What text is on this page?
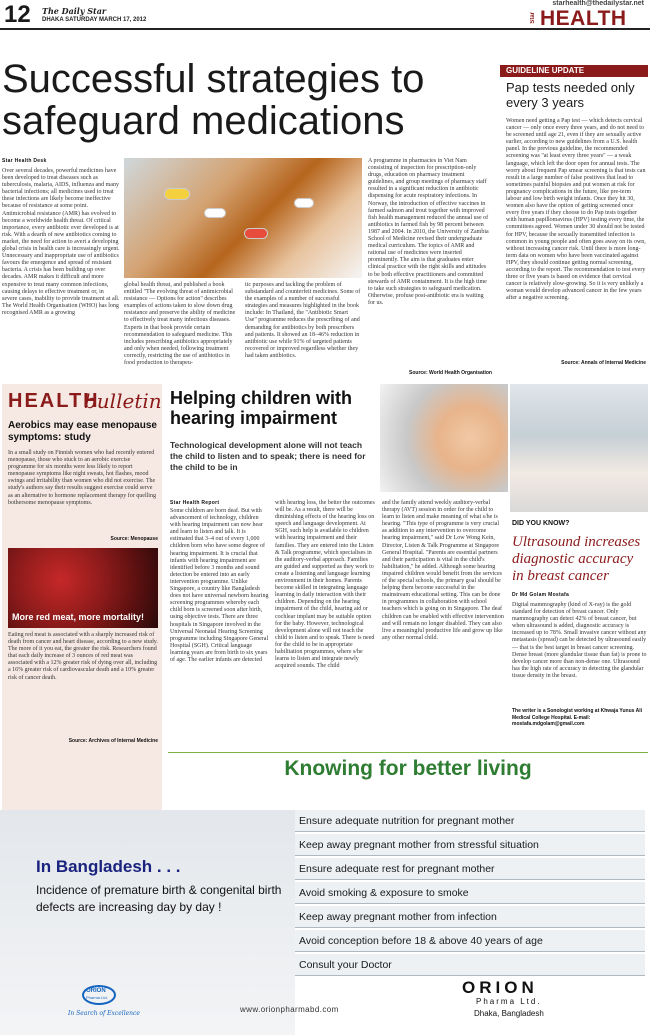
12 The Daily Star
DHAKA SATURDAY MARCH 17, 2012
starhealth@thedailystar.net
Star HEALTH
Successful strategies to safeguard medications
Star Health Desk
Over several decades, powerful medicines have been developed to treat diseases such as tuberculosis, malaria, AIDS, influenza and many bacterial infections; all medicines used to treat these infections are likely become ineffective because of resistance at some point. Antimicrobial resistance (AMR) has evolved to become a worldwide health threat. Of critical importance, every antibiotic ever developed is at risk. With a dearth of new antibiotics coming to market, the need for action to avert a developing global crisis in health care is increasingly urgent. Unnecessary and inappropriate use of antibiotics favours the emergence and spread of resistant bacteria. A crisis has been building up over decades. AMR makes it difficult and more expensive to treat many common infections, causing delays to effective treatment or, in severe cases, inability to provide treatment at all. The World Health Organisation (WHO) has long recognised AMR as a growing
global health threat, and published a book entitled "The evolving threat of antimicrobial resistance — Options for action" describes examples of actions taken to slow down drug resistance and preserve the ability of medicine to effectively treat many infectious diseases. Experts in that book provide certain recommendation to safeguard medicine. This includes prescribing antibiotics appropriately and only when needed, following treatment correctly, restricting the use of antibiotics in food production to therapeu-
tic purposes and tackling the problem of substandard and counterfeit medicines. Some of the examples of a number of successful strategies and measures highlighted in the book include: In Thailand, the "Antibiotic Smart Use" programme reduces the prescribing of and demanding for antibiotics by both prescribers and patients. It showed an 18–46% reduction in antibiotic use while 91% of targeted patients recovered or improved regardless whether they had taken antibiotics.
A programme in pharmacies in Viet Nam consisting of inspection for prescription-only drugs, education on pharmacy treatment guidelines, and group meetings of pharmacy staff resulted in a significant reduction in antibiotic dispensing for acute respiratory infections. In Norway, the introduction of effective vaccines in farmed salmon and trout together with improved fish health management reduced the annual use of antibiotics in farmed fish by 98 percent between 1987 and 2004. In 2010, the University of Zambia School of Medicine revised their undergraduate medical curriculum. The topics of AMR and rational use of medicines were inserted prominently. The aim is that graduates enter clinical practice with the right skills and attitudes to be both effective practitioners and committed stewards of AMR containment. It is the high time to take such strategies to safeguard medication. Otherwise, profuse post-antibiotic era is waiting for us.
Source: World Health Organisation
GUIDELINE UPDATE
Pap tests needed only every 3 years
Women need getting a Pap test — which detects cervical cancer — only once every three years, and do not need to be screened until age 21, even if they are sexually active earlier, according to new guidelines from a U.S. health panel. In the previous guideline, the recommended screening was "at least every three years" — a weak language, which left the door open for annual tests. The worry about frequent Pap smear screening is that tests can result in a large number of false positives that lead to sometimes painful biopsies and put women at risk for pregnancy complications in the future, like pre-term labour and low birth weight infants. Once they hit 30, women also have the option of getting screened once every five years if they choose to do Pap tests together with human papillomavirus (HPV) testing every time, the committees agreed. Women under 30 should not be tested for HPV, because the sexually transmitted infection is common in young people and often goes away on its own, without increasing cancer risk. Until there is more long-term data on women who have been vaccinated against HPV, they should continue getting normal screening, according to the report. The recommendation to test every three or five years is based on evidence that cervical cancer is relatively slow-growing. So it is very unlikely a woman would develop advanced cancer in the few years after a negative screening.
Source: Annals of Internal Medicine
HEALTH
bulletin
Aerobics may ease menopause symptoms: study
In a small study on Finnish women who had recently entered menopause, those who stuck to an aerobic exercise programme for six months were less likely to report menopause symptoms like night sweats, hot flashes, mood swings and irritability than women who did not exercise. The study's authors say their results suggest exercise could serve as an alternative to hormone replacement therapy for quelling bothersome menopause symptoms.
Source: Menopause
More red meat, more mortality!
Eating red meat is associated with a sharply increased risk of death from cancer and heart disease, according to a new study. The more of it you eat, the greater the risk. Researchers found that each daily increase of 3 ounces of red meat was associated with a 12% greater risk of dying over all, including a 16% greater risk of cardiovascular death and a 10% greater risk of cancer death.
Source: Archives of Internal Medicine
Helping children with hearing impairment
Technological development alone will not teach the child to listen and to speak; there is need for the child to be in
Star Health Report
Some children are born deaf. But with advancement of technology, children with hearing impairment can now hear and learn to listen and talk. It is estimated that 3–4 out of every 1,000 children born who have some degree of hearing impairment. It is crucial that infants with hearing impairment are identified before 3 months and sound detection be entered into an early intervention programme. Unlike Singapore, a country like Bangladesh does not have universal newborn hearing screening programmes whereby each child born is screened soon after birth, using objective tests. There are three hospitals in Singapore involved in the Universal Neonatal Hearing Screening programme including Singapore General Hospital (SGH). Critical language learning years are from birth to six years of age. The earlier infants are detected
with hearing loss, the better the outcomes will be. As a result, there will be diminishing effects of the hearing loss on speech and language development. At SGH, such help is available to children with hearing impairment and their families. They are entered into the Listen & Talk programme, which specialises in the auditory-verbal approach. Families are guided and supported as they work to create a listening and language learning environment in their homes. Parents become skilled in integrating language learning in daily interaction with their children. Depending on the hearing impairment of the child, hearing aid or cochlear implant may be suitable option for the baby. However, technological development alone will not teach the child to listen and to speak. There is need for the child to be in appropriate habilitation programmes, where s/he learns to listen and integrate newly acquired sounds. The child
and the family attend weekly auditory-verbal therapy (AVT) session in order for the child to learn to listen and make meaning of what s/he is hearing. "This type of programme is very crucial as addition to any intervention to overcome hearing impairment," said Dr Low Wong Kein, Director, Listen & Talk Programme at Singapore General Hospital. "Parents are essential partners and their participation is vital in the child's habilitation," he added. Although some hearing impaired children would benefit from the services of the special schools, the primary goal should be helping them become successful in the mainstream educational setting. This can be done in programmes in collaboration with school teachers which is going on in Singapore. The deaf children can be enabled with effective intervention and will remain no longer disabled. They can also live a meaningful productive life and grow up like any other normal child.
DID YOU KNOW?
Ultrasound increases diagnostic accuracy in breast cancer
Dr Md Golam Mostafa
Digital mammography (kind of X-ray) is the gold standard for detection of breast cancer. Only mammography can detect 42% of breast cancer, but when ultrasound is added, diagnostic accuracy is increased up to 78%. Small invasive cancer without any metastasis (spread) can be detected by ultrasound easily — that is the best target in breast cancer screening. Dense breast (more glandular tissue than fat) is prone to develop cancer more than non-dense one. Ultrasound has the high rate of accuracy in detecting the glandular tissue density in the breast.
The writer is a Sonologist working at Khwaja Yunus Ali Medical College Hospital. E-mail: mostafa.mdgolam@gmail.com
Knowing for better living
In Bangladesh . . .
Incidence of premature birth & congenital birth defects are increasing day by day !
Ensure adequate nutrition for pregnant mother
Keep away pregnant mother from stressful situation
Ensure adequate rest for pregnant mother
Avoid smoking & exposure to smoke
Keep away pregnant mother from infection
Avoid conception before 18 & above 40 years of age
Consult your Doctor
ORION
Pharma Ltd.
In Search of Excellence	www.orionpharmabd.com
ORION
Pharma Ltd.
Dhaka, Bangladesh
